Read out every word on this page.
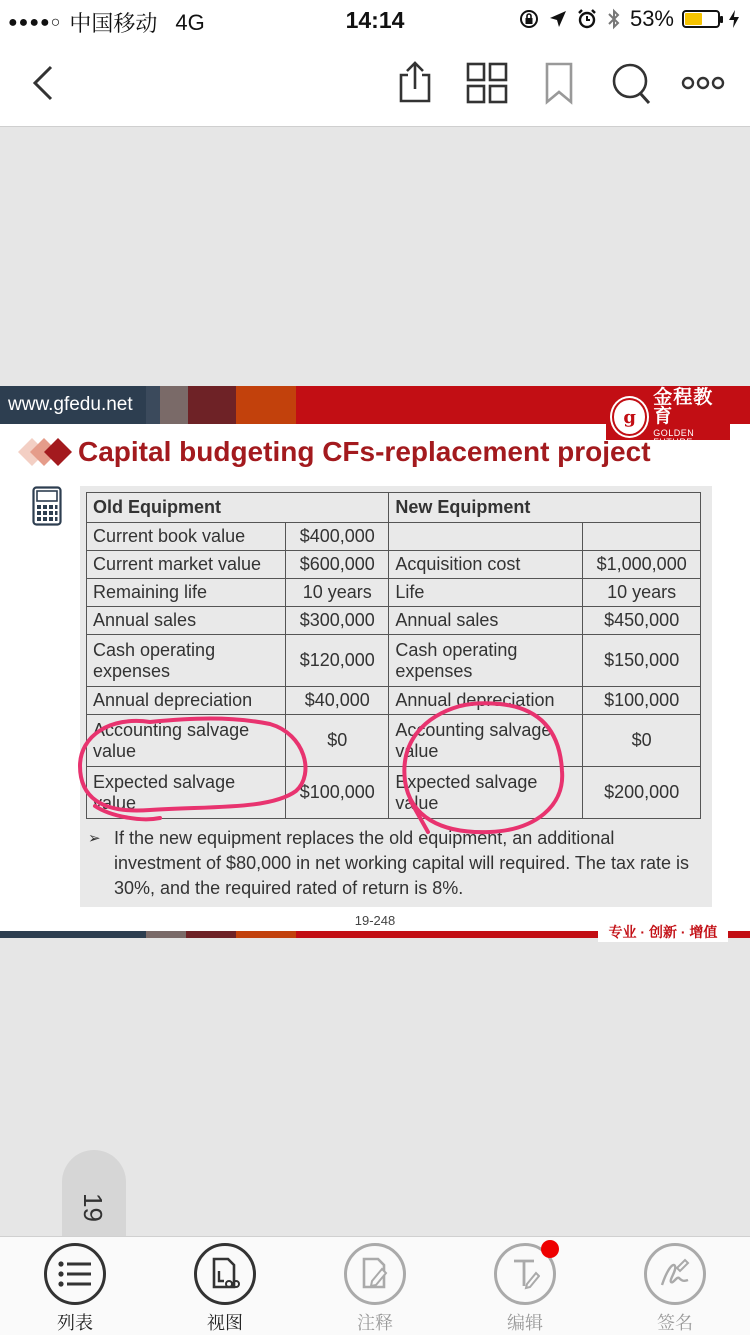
●●●●○ 中国移动 4G	14:14	53%
www.gfedu.net
g
金程教育
GOLDEN FUTURE
Capital budgeting CFs-replacement project
Old Equipment		New Equipment	
Current book value	$400,000		
Current market value	$600,000	Acquisition cost	$1,000,000
Remaining life	10 years	Life	10 years
Annual sales	$300,000	Annual sales	$450,000
Cash operating expenses	$120,000	Cash operating expenses	$150,000
Annual depreciation	$40,000	Annual depreciation	$100,000
Accounting salvage value	$0	Accounting salvage value	$0
Expected salvage value	$100,000	Expected salvage value	$200,000
➢ If the new equipment replaces the old equipment, an additional investment of $80,000 in net working capital will required. The tax rate is 30%, and the required rated of return is 8%.
19-248
专业 · 创新 · 增值
19
列表	视图	注释	编辑	签名
